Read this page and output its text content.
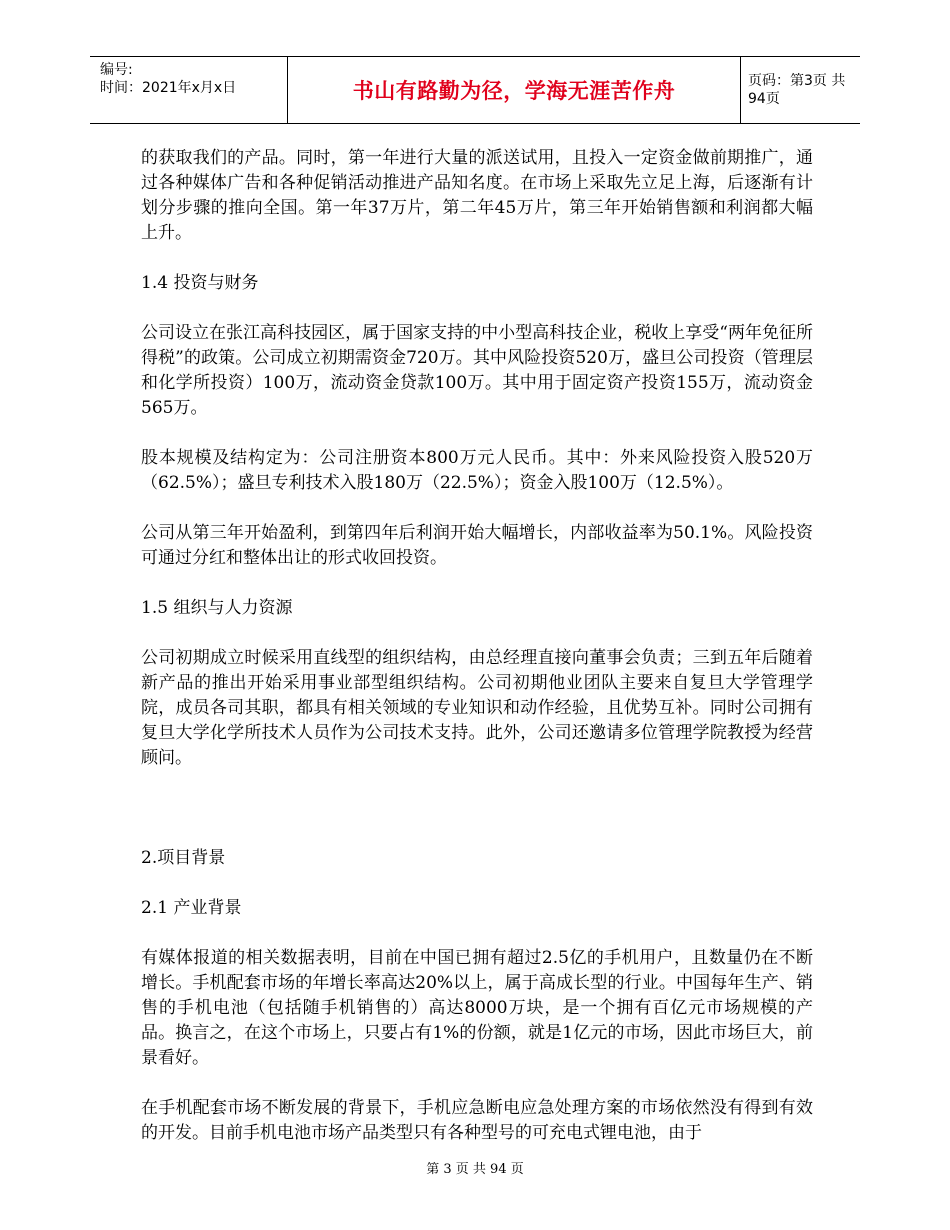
编号:
时间：2021年x月x日	书山有路勤为径，学海无涯苦作舟	页码：第3页 共94页

的获取我们的产品。同时，第一年进行大量的派送试用，且投入一定资金做前期推广，通过各种媒体广告和各种促销活动推进产品知名度。在市场上采取先立足上海，后逐渐有计划分步骤的推向全国。第一年37万片，第二年45万片，第三年开始销售额和利润都大幅上升。

1.4 投资与财务

公司设立在张江高科技园区，属于国家支持的中小型高科技企业，税收上享受“两年免征所得税”的政策。公司成立初期需资金720万。其中风险投资520万，盛旦公司投资（管理层和化学所投资）100万，流动资金贷款100万。其中用于固定资产投资155万，流动资金565万。

股本规模及结构定为：公司注册资本800万元人民币。其中：外来风险投资入股520万（62.5%）；盛旦专利技术入股180万（22.5%）；资金入股100万（12.5%）。

公司从第三年开始盈利，到第四年后利润开始大幅增长，内部收益率为50.1%。风险投资可通过分红和整体出让的形式收回投资。

1.5 组织与人力资源

公司初期成立时候采用直线型的组织结构，由总经理直接向董事会负责；三到五年后随着新产品的推出开始采用事业部型组织结构。公司初期他业团队主要来自复旦大学管理学院，成员各司其职，都具有相关领域的专业知识和动作经验，且优势互补。同时公司拥有复旦大学化学所技术人员作为公司技术支持。此外，公司还邀请多位管理学院教授为经营顾问。

2.项目背景

2.1 产业背景

有媒体报道的相关数据表明，目前在中国已拥有超过2.5亿的手机用户，且数量仍在不断增长。手机配套市场的年增长率高达20%以上，属于高成长型的行业。中国每年生产、销售的手机电池（包括随手机销售的）高达8000万块，是一个拥有百亿元市场规模的产品。换言之，在这个市场上，只要占有1%的份额，就是1亿元的市场，因此市场巨大，前景看好。

在手机配套市场不断发展的背景下，手机应急断电应急处理方案的市场依然没有得到有效的开发。目前手机电池市场产品类型只有各种型号的可充电式锂电池，由于

第 3 页 共 94 页
